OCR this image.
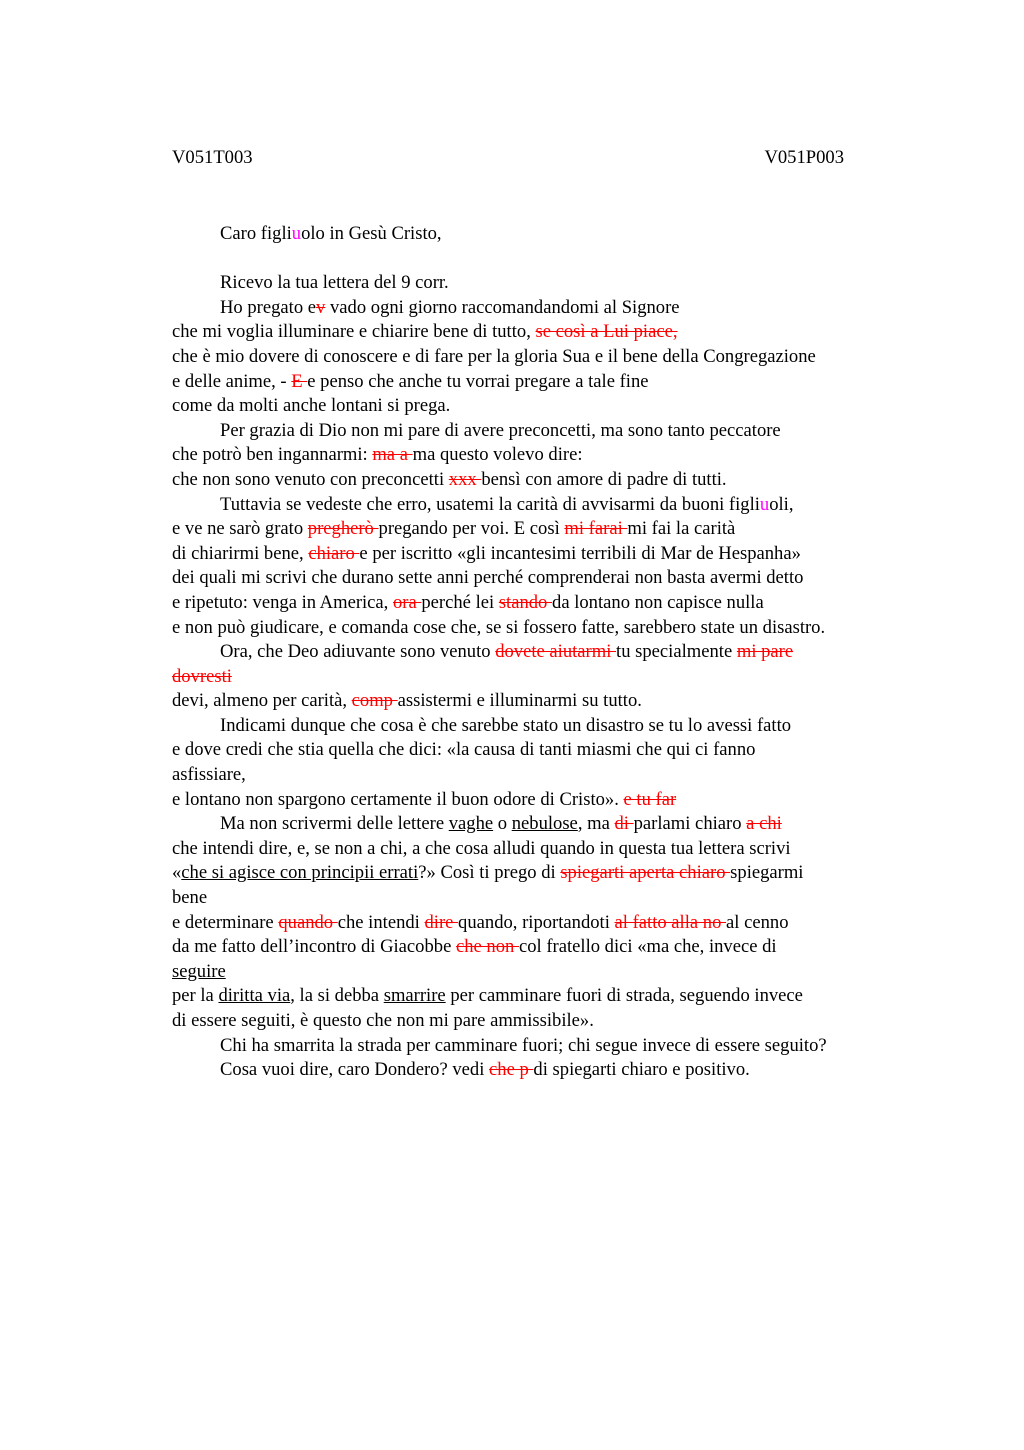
V051T003	V051P003
Caro figliuolo in Gesù Cristo,
Ricevo la tua lettera del 9 corr.
Ho pregato ev vado ogni giorno raccomandandomi al Signore
che mi voglia illuminare e chiarire bene di tutto, se così a Lui piace,
che è mio dovere di conoscere e di fare per la gloria Sua e il bene della Congregazione
e delle anime, - E e penso che anche tu vorrai pregare a tale fine
come da molti anche lontani si prega.
Per grazia di Dio non mi pare di avere preconcetti, ma sono tanto peccatore
che potrò ben ingannarmi: ma a ma questo volevo dire:
che non sono venuto con preconcetti xxx bensì con amore di padre di tutti.
Tuttavia se vedeste che erro, usatemi la carità di avvisarmi da buoni figliuoli,
e ve ne sarò grato pregherò pregando per voi. E così mi farai mi fai la carità
di chiarirmi bene, chiaro e per iscritto «gli incantesimi terribili di Mar de Hespanha»
dei quali mi scrivi che durano sette anni perché comprenderai non basta avermi detto
e ripetuto: venga in America, ora perché lei stando da lontano non capisce nulla
e non può giudicare, e comanda cose che, se si fossero fatte, sarebbero state un disastro.
Ora, che Deo adiuvante sono venuto dovete aiutarmi tu specialmente mi pare
dovresti
devi, almeno per carità, comp assistermi e illuminarmi su tutto.
Indicami dunque che cosa è che sarebbe stato un disastro se tu lo avessi fatto
e dove credi che stia quella che dici: «la causa di tanti miasmi che qui ci fanno
asfissiare,
e lontano non spargono certamente il buon odore di Cristo». e tu far
Ma non scrivermi delle lettere vaghe o nebulose, ma di parlami chiaro a chi
che intendi dire, e, se non a chi, a che cosa alludi quando in questa tua lettera scrivi
«che si agisce con principii errati?» Così ti prego di spiegarti aperta chiaro spiegarmi
bene
e determinare quando che intendi dire quando, riportandoti al fatto alla no al cenno
da me fatto dell’incontro di Giacobbe che non col fratello dici «ma che, invece di
seguire
per la diritta via, la si debba smarrire per camminare fuori di strada, seguendo invece
di essere seguiti, è questo che non mi pare ammissibile».
Chi ha smarrita la strada per camminare fuori; chi segue invece di essere seguito?
Cosa vuoi dire, caro Dondero? vedi che p di spiegarti chiaro e positivo.
